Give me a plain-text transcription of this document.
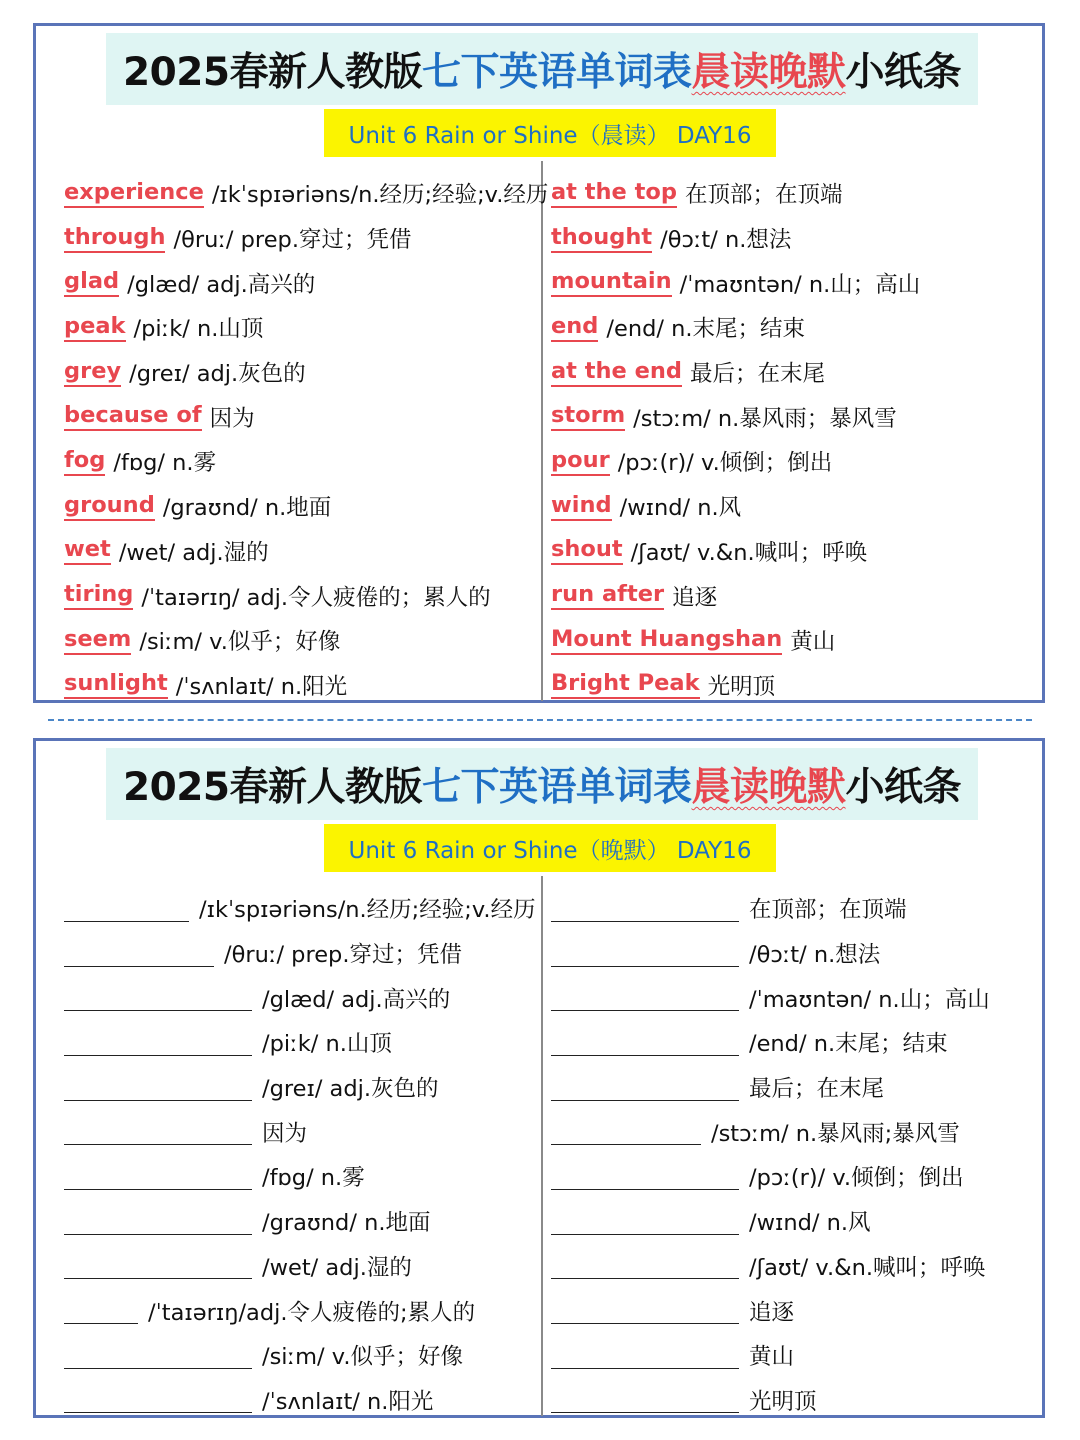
2025春新人教版 七下英语单词表 晨读晚默 小纸条
Unit 6 Rain or Shine（晨读） DAY16
experience /ɪkˈspɪəriəns/n.经历;经验;v.经历
through /θruː/ prep.穿过；凭借
glad /glæd/ adj.高兴的
peak /piːk/ n.山顶
grey /greɪ/ adj.灰色的
because of 因为
fog /fɒg/ n.雾
ground /graʊnd/ n.地面
wet /wet/ adj.湿的
tiring /ˈtaɪərɪŋ/ adj.令人疲倦的；累人的
seem /siːm/ v.似乎；好像
sunlight /ˈsʌnlaɪt/ n.阳光
at the top 在顶部；在顶端
thought /θɔːt/ n.想法
mountain /ˈmaʊntən/ n.山；高山
end /end/ n.末尾；结束
at the end 最后；在末尾
storm /stɔːm/ n.暴风雨；暴风雪
pour /pɔː(r)/ v.倾倒；倒出
wind /wɪnd/ n.风
shout /ʃaʊt/ v.&n.喊叫；呼唤
run after 追逐
Mount Huangshan 黄山
Bright Peak 光明顶
2025春新人教版 七下英语单词表 晨读晚默 小纸条
Unit 6 Rain or Shine（晚默） DAY16
/ɪkˈspɪəriəns/n.经历;经验;v.经历
/θruː/ prep.穿过；凭借
/glæd/ adj.高兴的
/piːk/ n.山顶
/greɪ/ adj.灰色的
因为
/fɒg/ n.雾
/graʊnd/ n.地面
/wet/ adj.湿的
/ˈtaɪərɪŋ/adj.令人疲倦的;累人的
/siːm/ v.似乎；好像
/ˈsʌnlaɪt/ n.阳光
在顶部；在顶端
/θɔːt/ n.想法
/ˈmaʊntən/ n.山；高山
/end/ n.末尾；结束
最后；在末尾
/stɔːm/ n.暴风雨;暴风雪
/pɔː(r)/ v.倾倒；倒出
/wɪnd/ n.风
/ʃaʊt/ v.&n.喊叫；呼唤
追逐
黄山
光明顶
